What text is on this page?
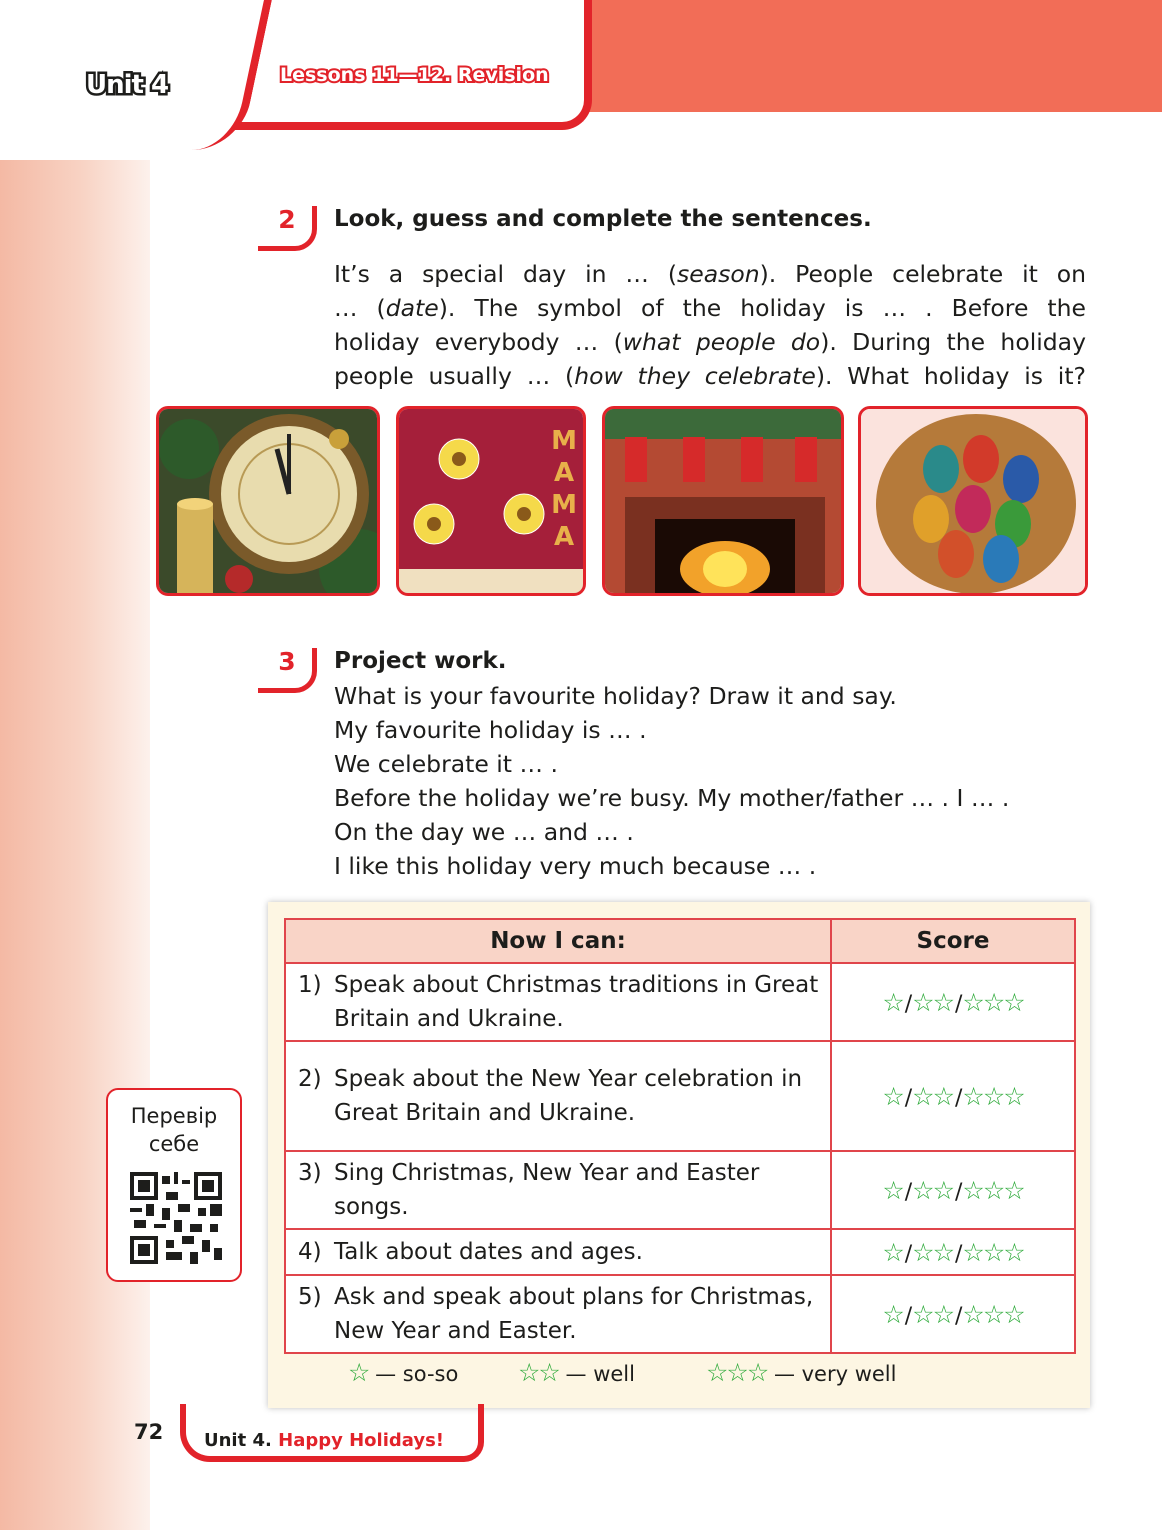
Unit 4	Lessons 11—12. Revision
2	Look, guess and complete the sentences.
It’s a special day in … (season). People celebrate it on
… (date). The symbol of the holiday is … . Before the
holiday everybody … (what people do). During the holiday
people usually … (how they celebrate). What holiday is it?
М
А
М
А
3	Project work.
What is your favourite holiday? Draw it and say.
My favourite holiday is … .
We celebrate it … .
Before the holiday we’re busy. My mother/father … . I … .
On the day we … and … .
I like this holiday very much because … .
Now I can:	Score

1) Speak about Christmas traditions in Great Britain and Ukraine.	☆/☆☆/☆☆☆

2) Speak about the New Year celebration in Great Britain and Ukraine.	☆/☆☆/☆☆☆

3) Sing Christmas, New Year and Easter songs.	☆/☆☆/☆☆☆

4) Talk about dates and ages.	☆/☆☆/☆☆☆

5) Ask and speak about plans for Christmas, New Year and Easter.	☆/☆☆/☆☆☆
☆ — so-so ☆☆ — well	☆☆☆ — very well
Перевір
себе
72 Unit 4. Happy Holidays!
